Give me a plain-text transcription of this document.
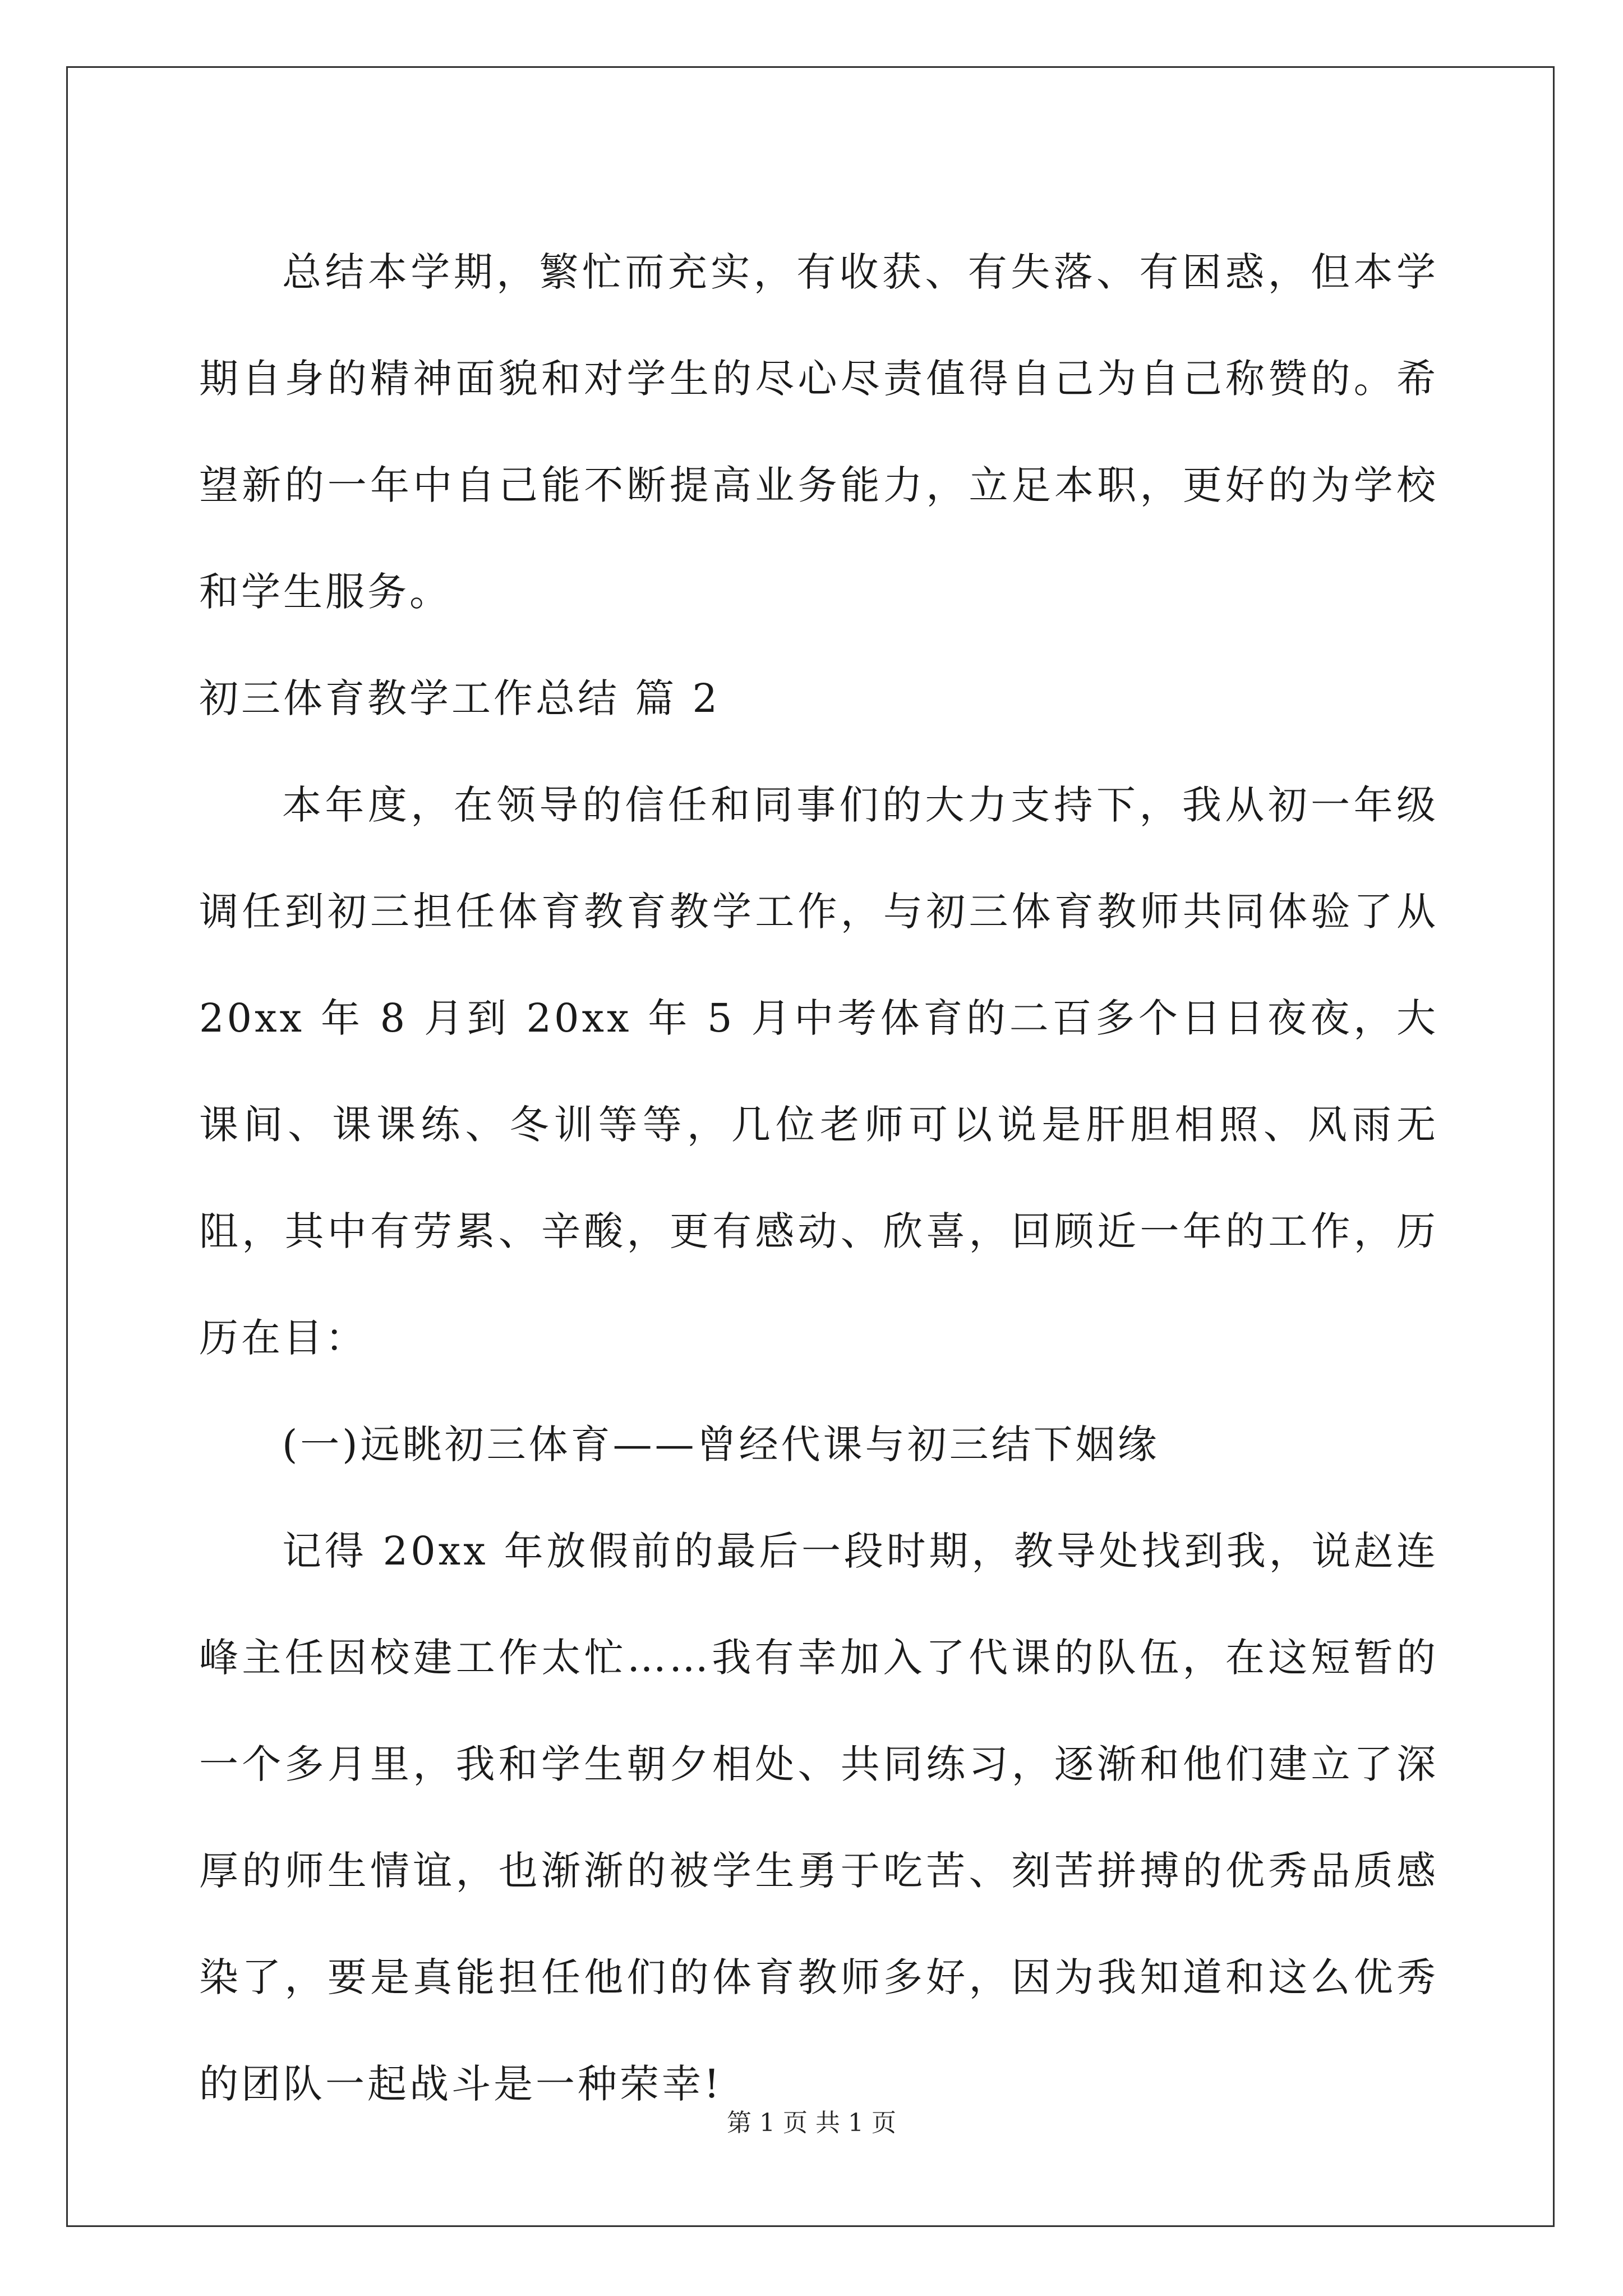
总结本学期，繁忙而充实，有收获、有失落、有困惑，但本学期自身的精神面貌和对学生的尽心尽责值得自己为自己称赞的。希望新的一年中自己能不断提高业务能力，立足本职，更好的为学校和学生服务。

初三体育教学工作总结 篇 2

本年度，在领导的信任和同事们的大力支持下，我从初一年级调任到初三担任体育教育教学工作，与初三体育教师共同体验了从 20xx 年 8 月到 20xx 年 5 月中考体育的二百多个日日夜夜，大课间、课课练、冬训等等，几位老师可以说是肝胆相照、风雨无阻，其中有劳累、辛酸，更有感动、欣喜，回顾近一年的工作，历历在目：

(一)远眺初三体育——曾经代课与初三结下姻缘

记得 20xx 年放假前的最后一段时期，教导处找到我，说赵连峰主任因校建工作太忙……我有幸加入了代课的队伍，在这短暂的一个多月里，我和学生朝夕相处、共同练习，逐渐和他们建立了深厚的师生情谊，也渐渐的被学生勇于吃苦、刻苦拼搏的优秀品质感染了，要是真能担任他们的体育教师多好，因为我知道和这么优秀的团队一起战斗是一种荣幸!

第 1 页 共 1 页
